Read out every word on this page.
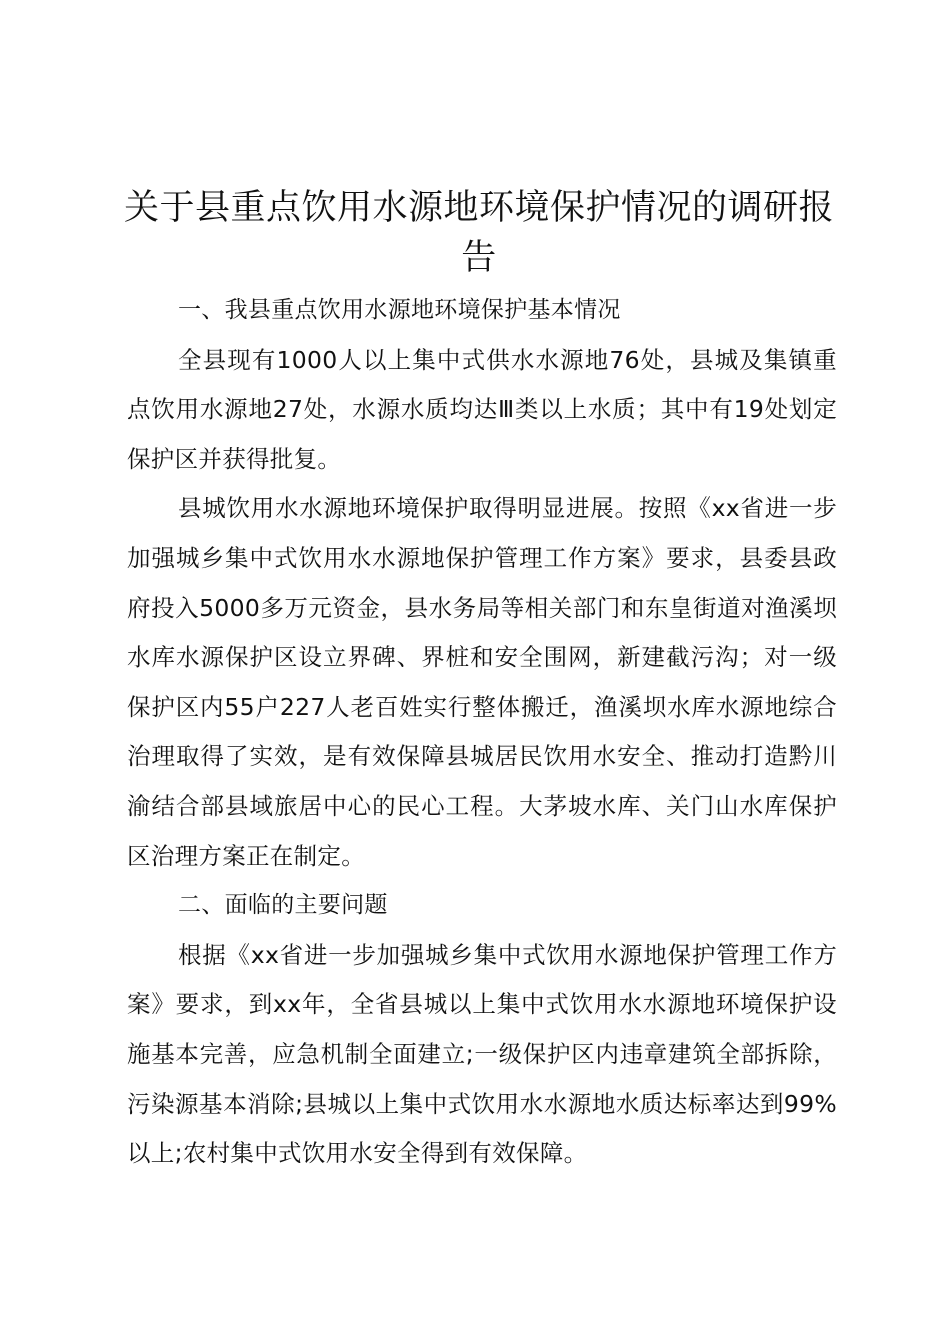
关于县重点饮用水源地环境保护情况的调研报告

一、我县重点饮用水源地环境保护基本情况

全县现有1000人以上集中式供水水源地76处，县城及集镇重点饮用水源地27处，水源水质均达Ⅲ类以上水质；其中有19处划定保护区并获得批复。

县城饮用水水源地环境保护取得明显进展。按照《xx省进一步加强城乡集中式饮用水水源地保护管理工作方案》要求，县委县政府投入5000多万元资金，县水务局等相关部门和东皇街道对渔溪坝水库水源保护区设立界碑、界桩和安全围网，新建截污沟；对一级保护区内55户227人老百姓实行整体搬迁，渔溪坝水库水源地综合治理取得了实效，是有效保障县城居民饮用水安全、推动打造黔川渝结合部县域旅居中心的民心工程。大茅坡水库、关门山水库保护区治理方案正在制定。

二、面临的主要问题

根据《xx省进一步加强城乡集中式饮用水源地保护管理工作方案》要求，到xx年，全省县城以上集中式饮用水水源地环境保护设施基本完善，应急机制全面建立;一级保护区内违章建筑全部拆除，污染源基本消除;县城以上集中式饮用水水源地水质达标率达到99%以上;农村集中式饮用水安全得到有效保障。
